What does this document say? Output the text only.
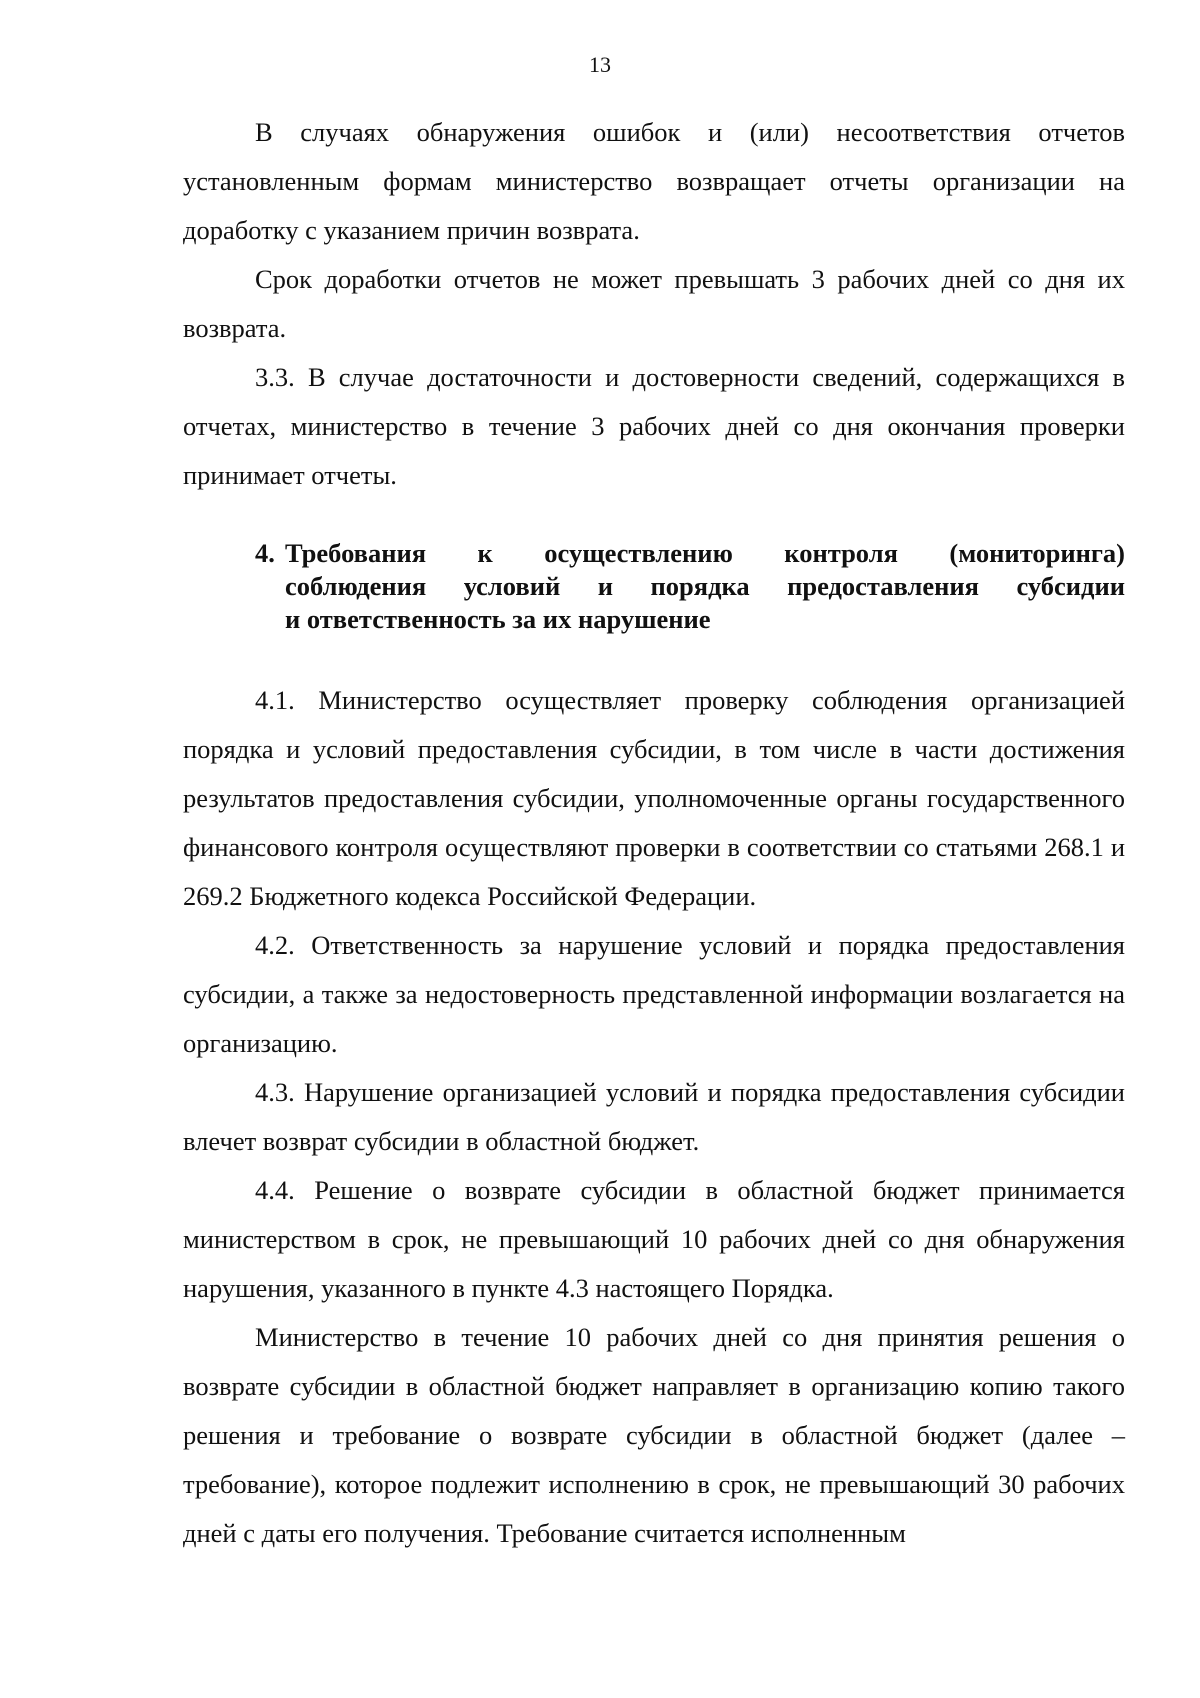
13

В случаях обнаружения ошибок и (или) несоответствия отчетов установленным формам министерство возвращает отчеты организации на доработку с указанием причин возврата.

Срок доработки отчетов не может превышать 3 рабочих дней со дня их возврата.

3.3. В случае достаточности и достоверности сведений, содержащихся в отчетах, министерство в течение 3 рабочих дней со дня окончания проверки принимает отчеты.

4. Требования к осуществлению контроля (мониторинга)
соблюдения условий и порядка предоставления субсидии
и ответственность за их нарушение

4.1. Министерство осуществляет проверку соблюдения организацией порядка и условий предоставления субсидии, в том числе в части достижения результатов предоставления субсидии, уполномоченные органы государственного финансового контроля осуществляют проверки в соответствии со статьями 268.1 и 269.2 Бюджетного кодекса Российской Федерации.

4.2. Ответственность за нарушение условий и порядка предоставления субсидии, а также за недостоверность представленной информации возлагается на организацию.

4.3. Нарушение организацией условий и порядка предоставления субсидии влечет возврат субсидии в областной бюджет.

4.4. Решение о возврате субсидии в областной бюджет принимается министерством в срок, не превышающий 10 рабочих дней со дня обнаружения нарушения, указанного в пункте 4.3 настоящего Порядка.

Министерство в течение 10 рабочих дней со дня принятия решения о возврате субсидии в областной бюджет направляет в организацию копию такого решения и требование о возврате субсидии в областной бюджет (далее – требование), которое подлежит исполнению в срок, не превышающий 30 рабочих дней с даты его получения. Требование считается исполненным
